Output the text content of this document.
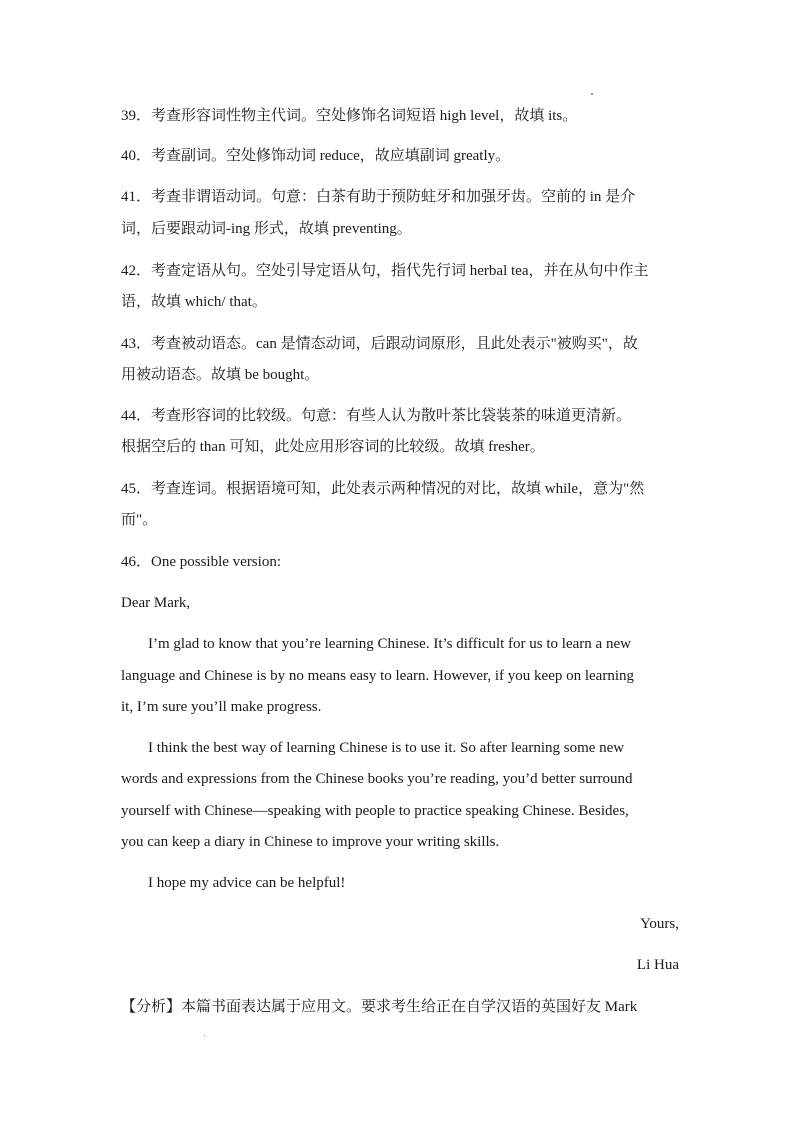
39．考查形容词性物主代词。空处修饰名词短语 high level，故填 its。
40．考查副词。空处修饰动词 reduce，故应填副词 greatly。
41．考查非谓语动词。句意：白茶有助于预防蛀牙和加强牙齿。空前的 in 是介
词，后要跟动词-ing 形式，故填 preventing。
42．考查定语从句。空处引导定语从句，指代先行词 herbal tea，并在从句中作主
语，故填 which/ that。
43．考查被动语态。can 是情态动词，后跟动词原形，且此处表示"被购买"，故
用被动语态。故填 be bought。
44．考查形容词的比较级。句意：有些人认为散叶茶比袋装茶的味道更清新。
根据空后的 than 可知，此处应用形容词的比较级。故填 fresher。
45．考查连词。根据语境可知，此处表示两种情况的对比，故填 while，意为"然
而"。
46．One possible version:
Dear Mark,
I’m glad to know that you’re learning Chinese. It’s difficult for us to learn a new
language and Chinese is by no means easy to learn. However, if you keep on learning
it, I’m sure you’ll make progress.
I think the best way of learning Chinese is to use it. So after learning some new
words and expressions from the Chinese books you’re reading, you’d better surround
yourself with Chinese—speaking with people to practice speaking Chinese. Besides,
you can keep a diary in Chinese to improve your writing skills.
I hope my advice can be helpful!
Yours,
Li Hua
【分析】本篇书面表达属于应用文。要求考生给正在自学汉语的英国好友 Mark
